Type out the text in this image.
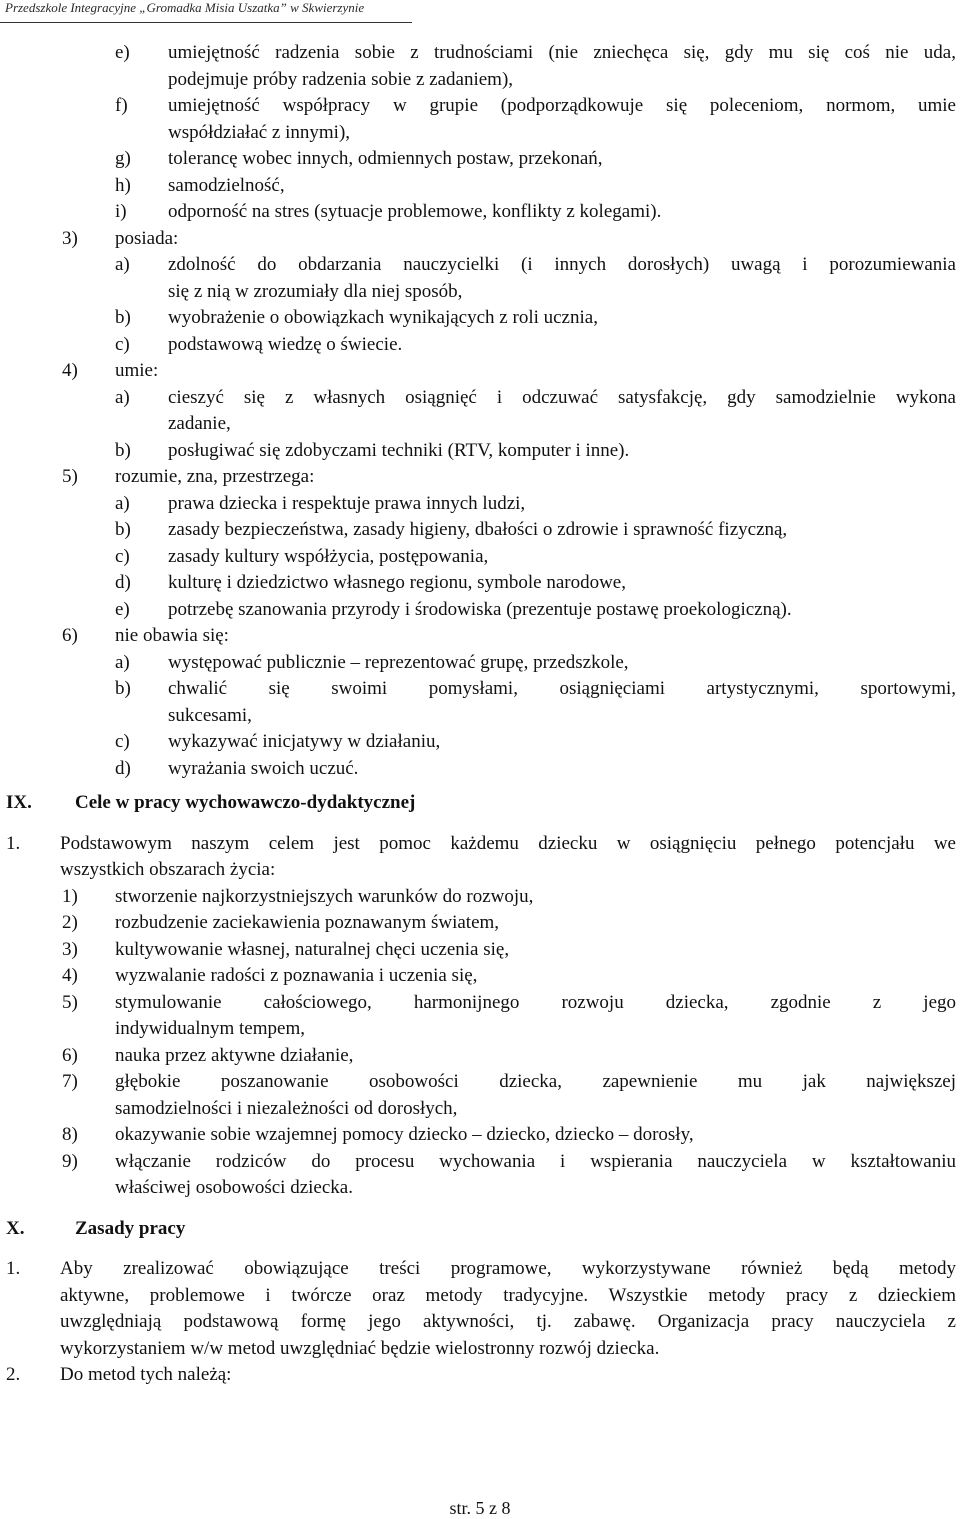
Przedszkole Integracyjne „Gromadka Misia Uszatka” w Skwierzynie
e) umiejętność radzenia sobie z trudnościami (nie zniechęca się, gdy mu się coś nie uda,
podejmuje próby radzenia sobie z zadaniem),
f) umiejętność współpracy w grupie (podporządkowuje się poleceniom, normom, umie
współdziałać z innymi),
g) tolerancę wobec innych, odmiennych postaw, przekonań,
h) samodzielność,
i) odporność na stres (sytuacje problemowe, konflikty z kolegami).
3) posiada:
a) zdolność do obdarzania nauczycielki (i innych dorosłych) uwagą i porozumiewania
się z nią w zrozumiały dla niej sposób,
b) wyobrażenie o obowiązkach wynikających z roli ucznia,
c) podstawową wiedzę o świecie.
4) umie:
a) cieszyć się z własnych osiągnięć i odczuwać satysfakcję, gdy samodzielnie wykona
zadanie,
b) posługiwać się zdobyczami techniki (RTV, komputer i inne).
5) rozumie, zna, przestrzega:
a) prawa dziecka i respektuje prawa innych ludzi,
b) zasady bezpieczeństwa, zasady higieny, dbałości o zdrowie i sprawność fizyczną,
c) zasady kultury współżycia, postępowania,
d) kulturę i dziedzictwo własnego regionu, symbole narodowe,
e) potrzebę szanowania przyrody i środowiska (prezentuje postawę proekologiczną).
6) nie obawia się:
a) występować publicznie – reprezentować grupę, przedszkole,
b) chwalić się swoimi pomysłami, osiągnięciami artystycznymi, sportowymi,
sukcesami,
c) wykazywać inicjatywy w działaniu,
d) wyrażania swoich uczuć.
IX. Cele w pracy wychowawczo-dydaktycznej
1. Podstawowym naszym celem jest pomoc każdemu dziecku w osiągnięciu pełnego potencjału we
wszystkich obszarach życia:
1) stworzenie najkorzystniejszych warunków do rozwoju,
2) rozbudzenie zaciekawienia poznawanym światem,
3) kultywowanie własnej, naturalnej chęci uczenia się,
4) wyzwalanie radości z poznawania i uczenia się,
5) stymulowanie całościowego, harmonijnego rozwoju dziecka, zgodnie z jego
indywidualnym tempem,
6) nauka przez aktywne działanie,
7) głębokie poszanowanie osobowości dziecka, zapewnienie mu jak największej
samodzielności i niezależności od dorosłych,
8) okazywanie sobie wzajemnej pomocy dziecko – dziecko, dziecko – dorosły,
9) włączanie rodziców do procesu wychowania i wspierania nauczyciela w kształtowaniu
właściwej osobowości dziecka.
X.	Zasady pracy
1. Aby zrealizować obowiązujące treści programowe, wykorzystywane również będą metody
aktywne, problemowe i twórcze oraz metody tradycyjne. Wszystkie metody pracy z dzieckiem
uwzględniają podstawową formę jego aktywności, tj. zabawę. Organizacja pracy nauczyciela z
wykorzystaniem w/w metod uwzględniać będzie wielostronny rozwój dziecka.
2. Do metod tych należą:
str. 5 z 8
